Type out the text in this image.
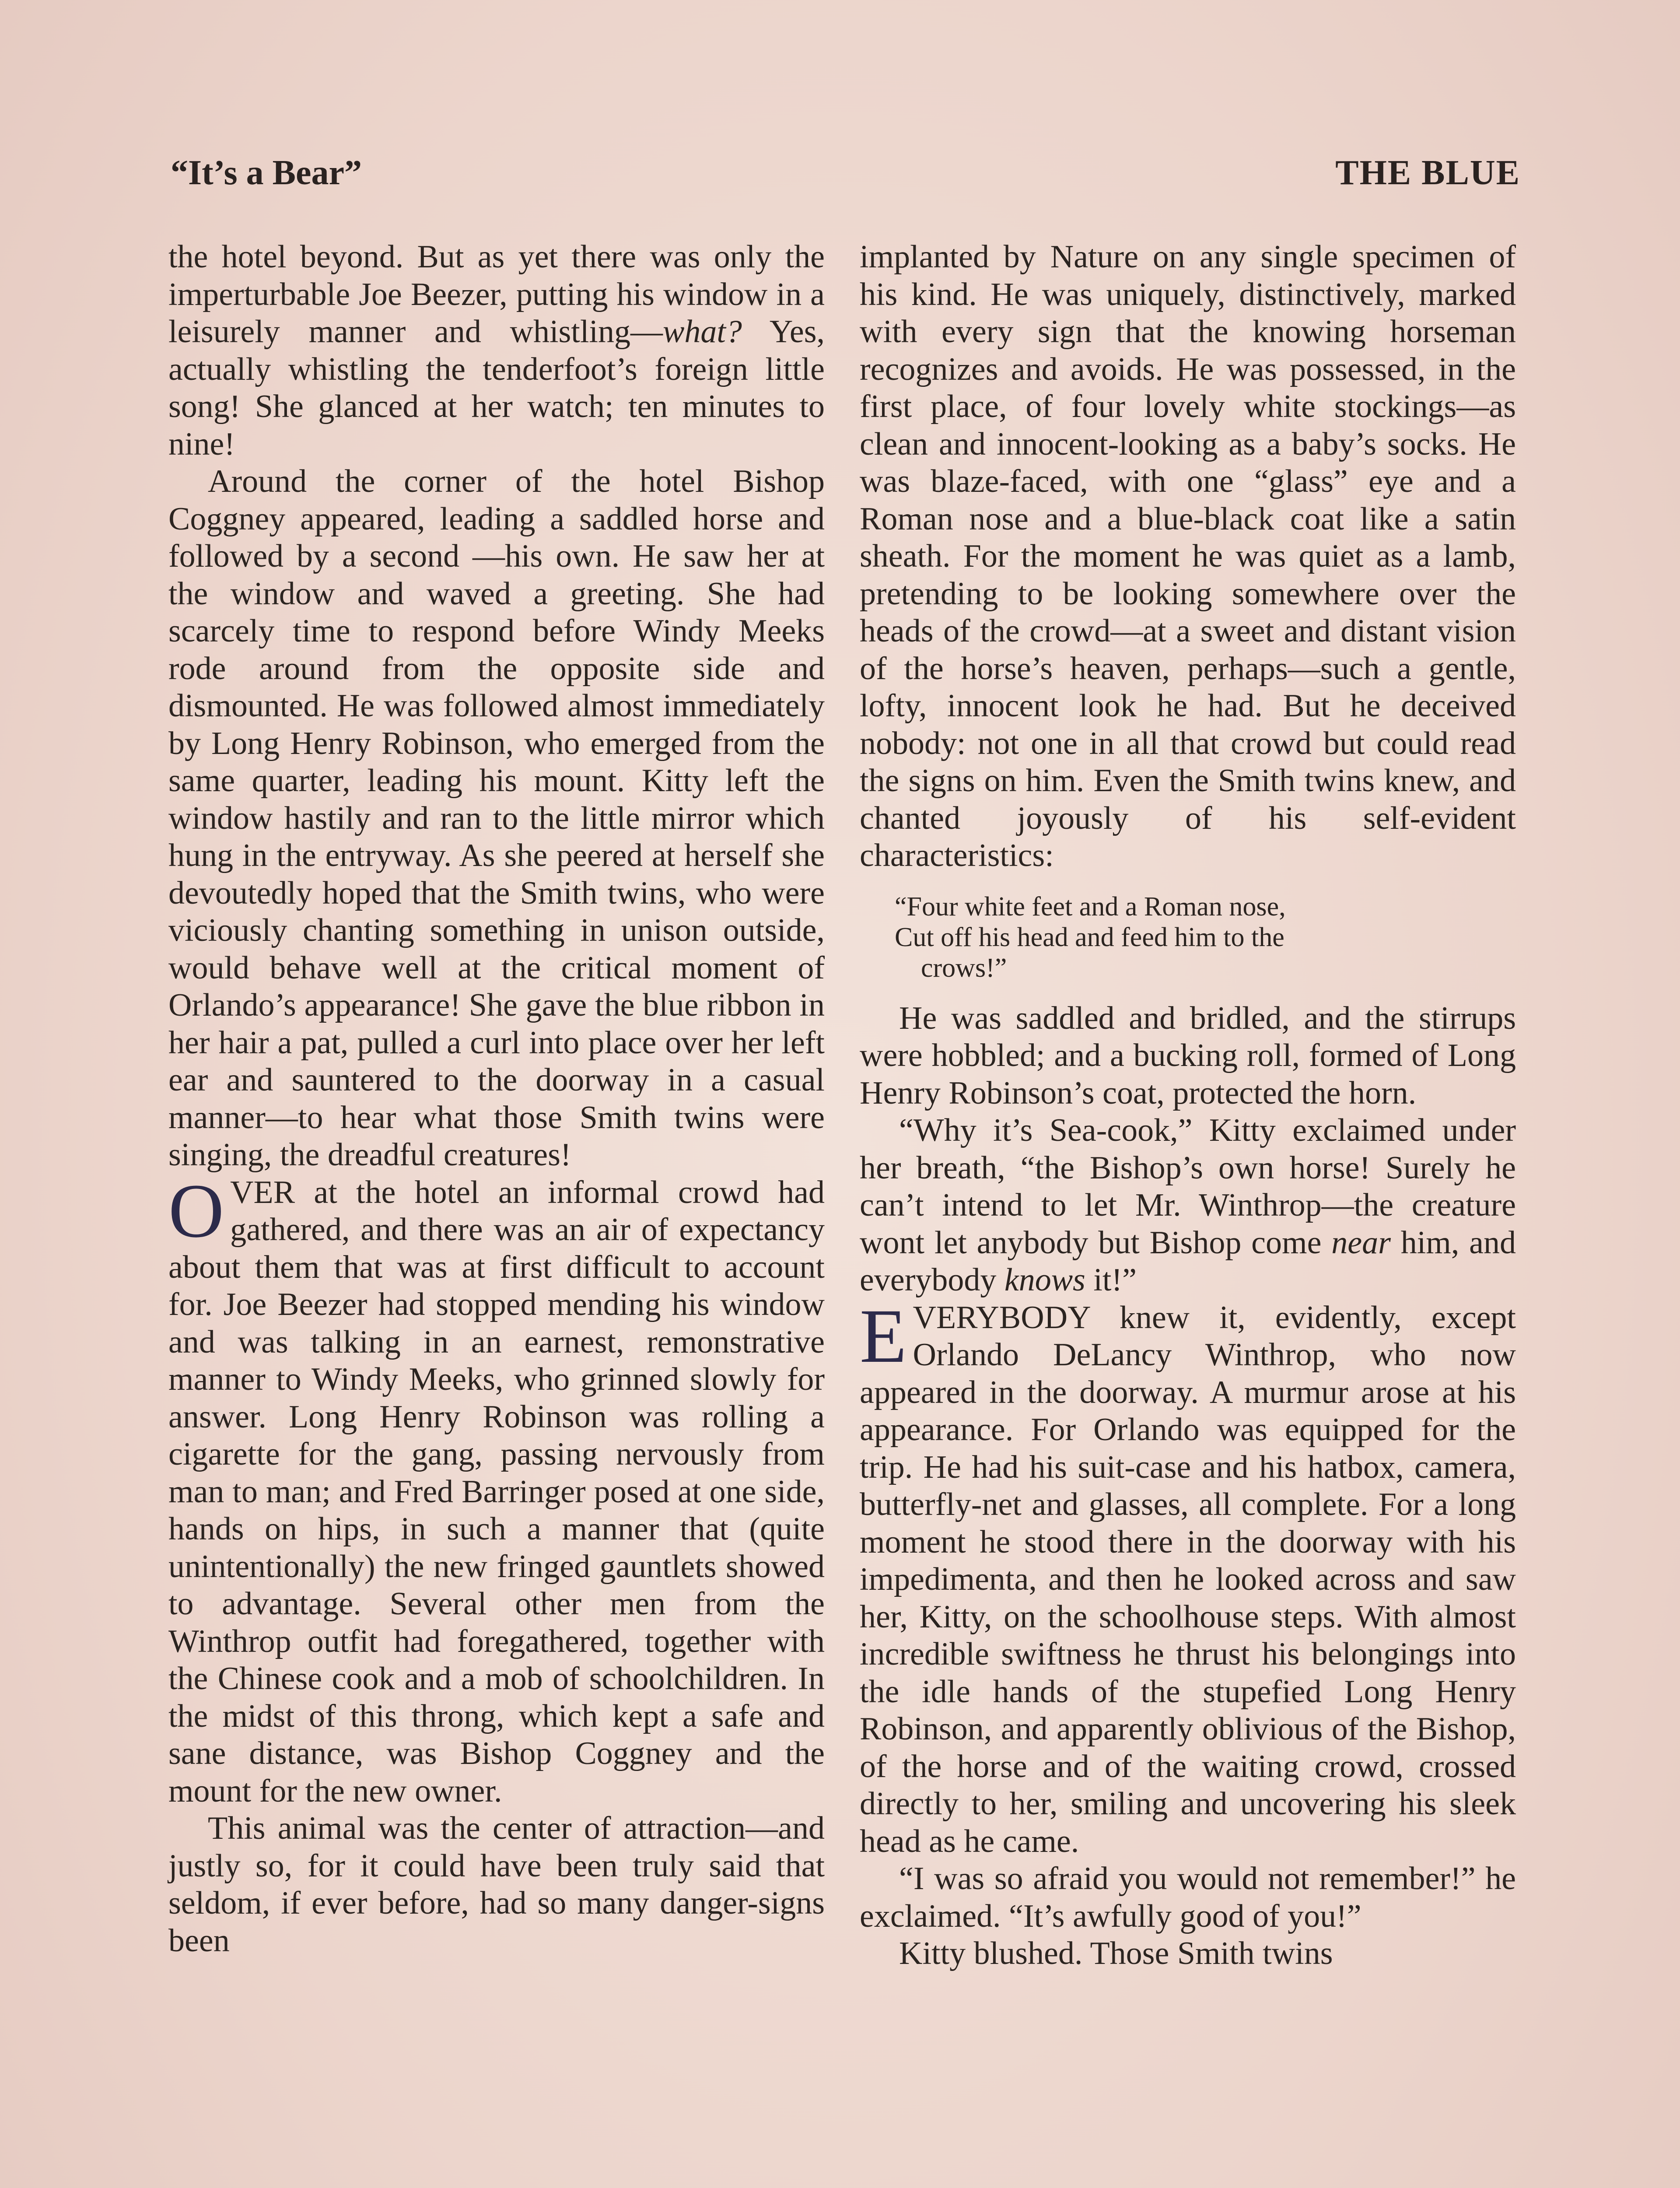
“It’s a Bear”	THE BLUE

the hotel beyond. But as yet there was only the imperturbable Joe Beezer, putting his window in a leisurely manner and whistling—what? Yes, actually whistling the tenderfoot’s foreign little song! She glanced at her watch; ten minutes to nine!

Around the corner of the hotel Bishop Coggney appeared, leading a saddled horse and followed by a second —his own. He saw her at the window and waved a greeting. She had scarcely time to respond before Windy Meeks rode around from the opposite side and dismounted. He was followed almost immediately by Long Henry Robinson, who emerged from the same quarter, leading his mount. Kitty left the window hastily and ran to the little mirror which hung in the entryway. As she peered at herself she devoutedly hoped that the Smith twins, who were viciously chanting something in unison outside, would behave well at the critical moment of Orlando’s appearance! She gave the blue ribbon in her hair a pat, pulled a curl into place over her left ear and sauntered to the doorway in a casual manner—to hear what those Smith twins were singing, the dreadful creatures!

OVER at the hotel an informal crowd had gathered, and there was an air of expectancy about them that was at first difficult to account for. Joe Beezer had stopped mending his window and was talking in an earnest, remonstrative manner to Windy Meeks, who grinned slowly for answer. Long Henry Robinson was rolling a cigarette for the gang, passing nervously from man to man; and Fred Barringer posed at one side, hands on hips, in such a manner that (quite unintentionally) the new fringed gauntlets showed to advantage. Several other men from the Winthrop outfit had foregathered, together with the Chinese cook and a mob of schoolchildren. In the midst of this throng, which kept a safe and sane distance, was Bishop Coggney and the mount for the new owner.

This animal was the center of attraction—and justly so, for it could have been truly said that seldom, if ever before, had so many danger-signs been

implanted by Nature on any single specimen of his kind. He was uniquely, distinctively, marked with every sign that the knowing horseman recognizes and avoids. He was possessed, in the first place, of four lovely white stockings—as clean and innocent-looking as a baby’s socks. He was blaze-faced, with one “glass” eye and a Roman nose and a blue-black coat like a satin sheath. For the moment he was quiet as a lamb, pretending to be looking somewhere over the heads of the crowd—at a sweet and distant vision of the horse’s heaven, perhaps—such a gentle, lofty, innocent look he had. But he deceived nobody: not one in all that crowd but could read the signs on him. Even the Smith twins knew, and chanted joyously of his self-evident characteristics:

“Four white feet and a Roman nose,
Cut off his head and feed him to the
crows!”

He was saddled and bridled, and the stirrups were hobbled; and a bucking roll, formed of Long Henry Robinson’s coat, protected the horn.

“Why it’s Sea-cook,” Kitty exclaimed under her breath, “the Bishop’s own horse! Surely he can’t intend to let Mr. Winthrop—the creature wont let anybody but Bishop come near him, and everybody knows it!”

EVERYBODY knew it, evidently, except Orlando DeLancy Winthrop, who now appeared in the doorway. A murmur arose at his appearance. For Orlando was equipped for the trip. He had his suit-case and his hatbox, camera, butterfly-net and glasses, all complete. For a long moment he stood there in the doorway with his impedimenta, and then he looked across and saw her, Kitty, on the schoolhouse steps. With almost incredible swiftness he thrust his belongings into the idle hands of the stupefied Long Henry Robinson, and apparently oblivious of the Bishop, of the horse and of the waiting crowd, crossed directly to her, smiling and uncovering his sleek head as he came.

“I was so afraid you would not remember!” he exclaimed. “It’s awfully good of you!”

Kitty blushed. Those Smith twins
